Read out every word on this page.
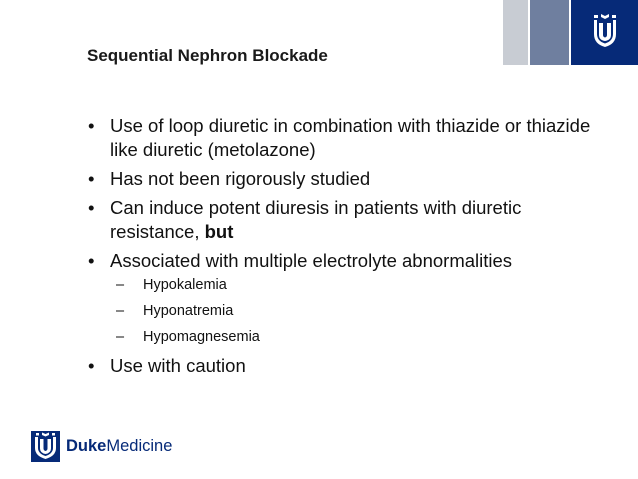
Sequential Nephron Blockade
• Use of loop diuretic in combination with thiazide or thiazide like diuretic (metolazone)
• Has not been rigorously studied
• Can induce potent diuresis in patients with diuretic resistance, but
• Associated with multiple electrolyte abnormalities
– Hypokalemia
– Hyponatremia
– Hypomagnesemia
• Use with caution
DukeMedicine
